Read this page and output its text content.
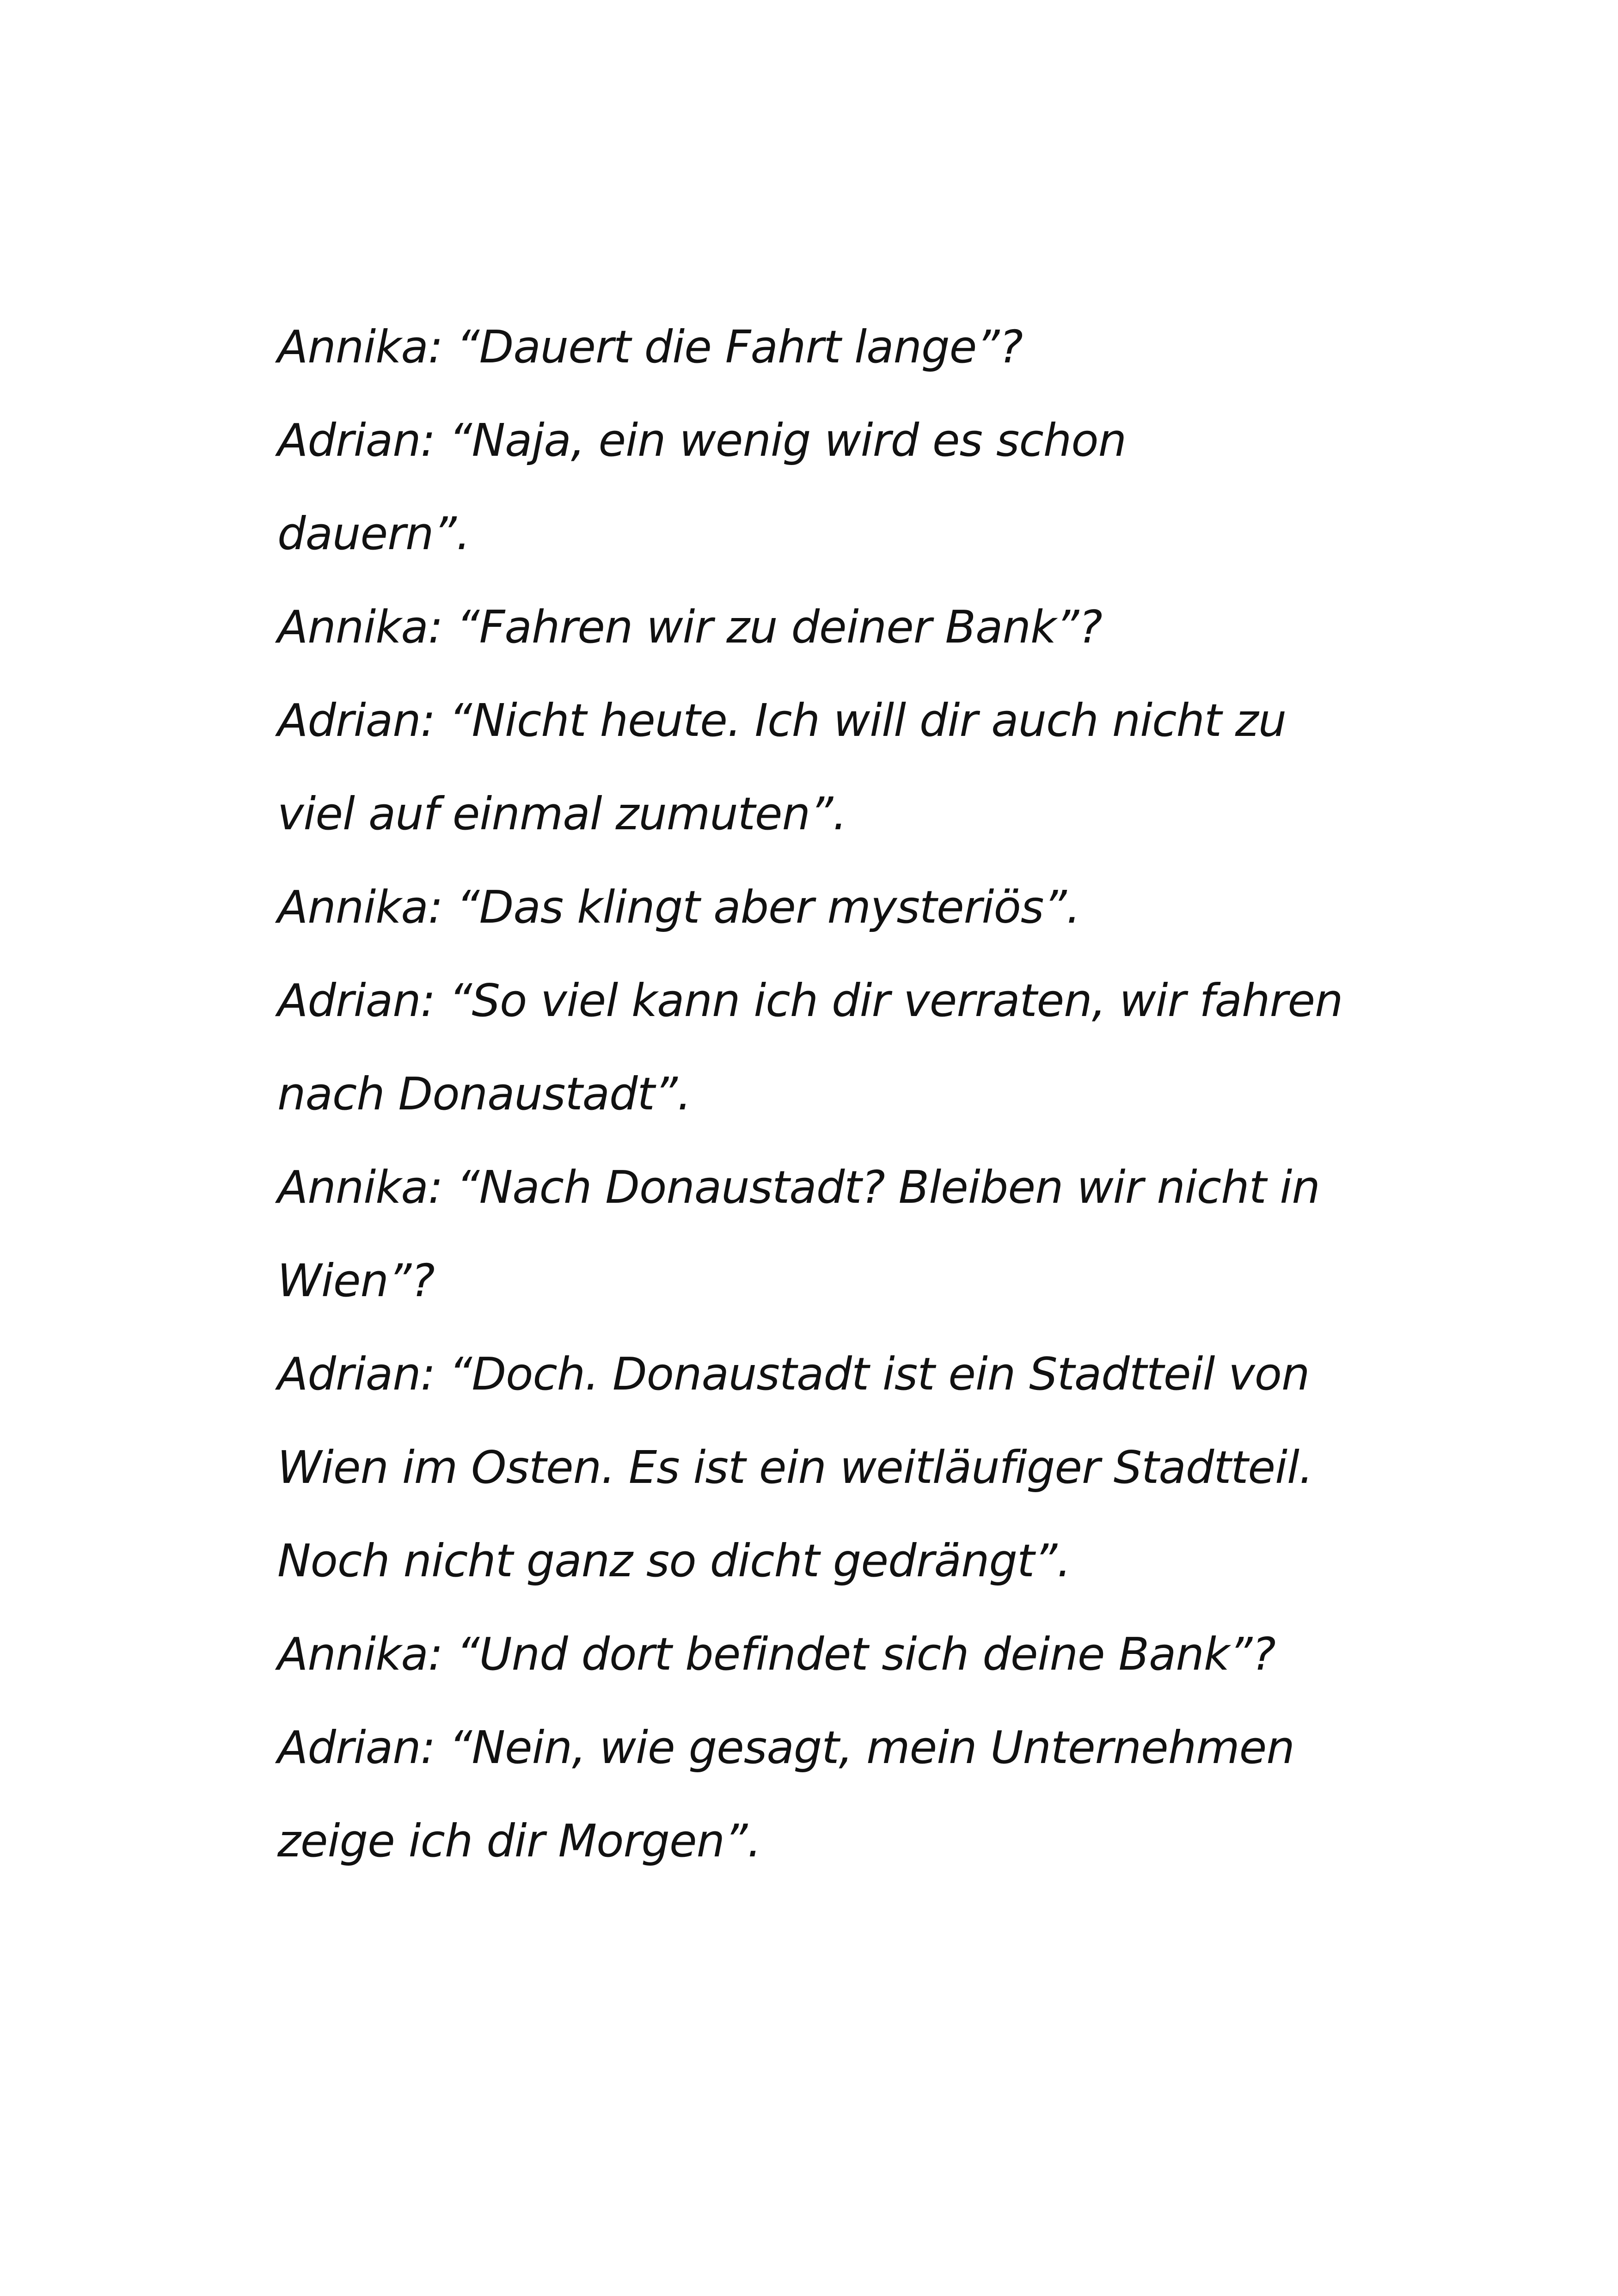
Annika: “Dauert die Fahrt lange”?
Adrian: “Naja, ein wenig wird es schon
dauern”.
Annika: “Fahren wir zu deiner Bank”?
Adrian: “Nicht heute. Ich will dir auch nicht zu
viel auf einmal zumuten”.
Annika: “Das klingt aber mysteriös”.
Adrian: “So viel kann ich dir verraten, wir fahren
nach Donaustadt”.
Annika: “Nach Donaustadt? Bleiben wir nicht in
Wien”?
Adrian: “Doch. Donaustadt ist ein Stadtteil von
Wien im Osten. Es ist ein weitläufiger Stadtteil.
Noch nicht ganz so dicht gedrängt”.
Annika: “Und dort befindet sich deine Bank”?
Adrian: “Nein, wie gesagt, mein Unternehmen
zeige ich dir Morgen”.
